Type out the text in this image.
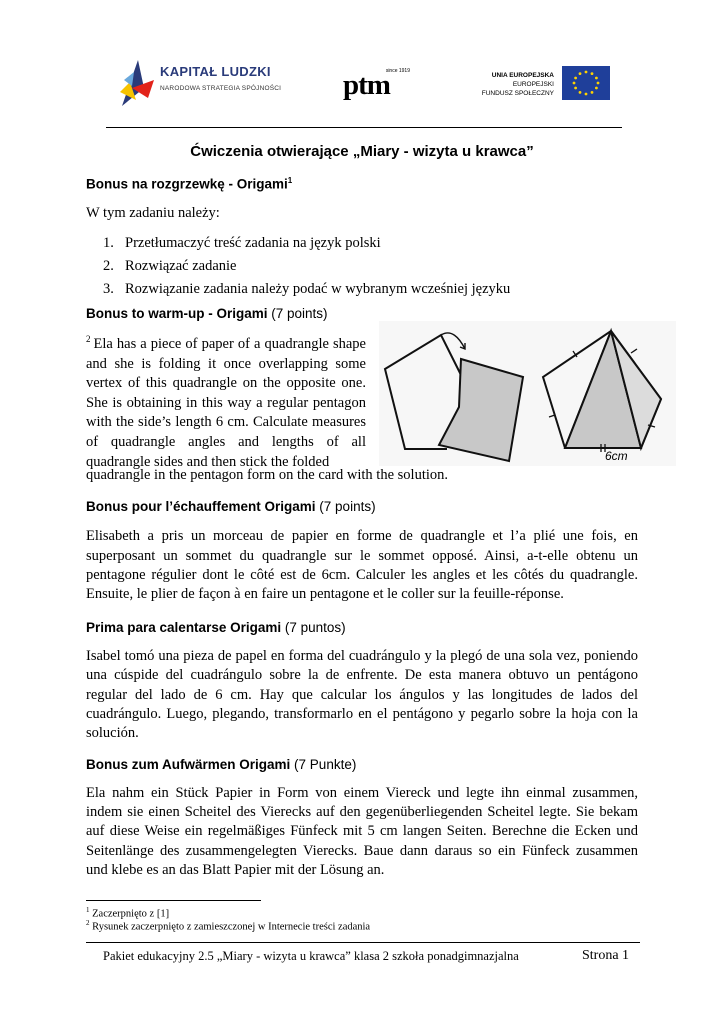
KAPITAŁ LUDZKI
NARODOWA STRATEGIA SPÓJNOŚCI ptm
since 1919
UNIA EUROPEJSKA
EUROPEJSKI
FUNDUSZ SPOŁECZNY
Ćwiczenia otwierające „Miary - wizyta u krawca”
Bonus na rozgrzewkę - Origami$^1$
W tym zadaniu należy:
1. Przetłumaczyć treść zadania na język polski
2. Rozwiązać zadanie
3. Rozwiązanie zadania należy podać w wybranym wcześniej języku
Bonus to warm-up - Origami (7 points)
$^2$ Ela has a piece of paper of a quadrangle shape and she is folding it once overlapping some vertex of this quadrangle on the opposite one. She is obtaining in this way a regular pentagon with the side’s length 6 cm. Calculate measures of quadrangle angles and lengths of all quadrangle sides and then stick the folded
quadrangle in the pentagon form on the card with the solution.
6cm
Bonus pour l’échauffement Origami (7 points)
Elisabeth a pris un morceau de papier en forme de quadrangle et l’a plié une fois, en
superposant un sommet du quadrangle sur le sommet opposé. Ainsi, a-t-elle obtenu un
pentagone régulier dont le côté est de 6cm. Calculer les angles et les côtés du quadrangle.
Ensuite, le plier de façon à en faire un pentagone et le coller sur la feuille-réponse.
Prima para calentarse Origami (7 puntos)
Isabel tomó una pieza de papel en forma del cuadrángulo y la plegó de una sola vez, poniendo
una cúspide del cuadrángulo sobre la de enfrente. De esta manera obtuvo un pentágono
regular del lado de 6 cm. Hay que calcular los ángulos y las longitudes de lados del
cuadrángulo. Luego, plegando, transformarlo en el pentágono y pegarlo sobre la hoja con la
solución.
Bonus zum Aufwärmen Origami (7 Punkte)
Ela nahm ein Stück Papier in Form von einem Viereck und legte ihn einmal zusammen,
indem sie einen Scheitel des Vierecks auf den gegenüberliegenden Scheitel legte. Sie bekam
auf diese Weise ein regelmäßiges Fünfeck mit 5 cm langen Seiten. Berechne die Ecken und
Seitenlänge des zusammengelegten Vierecks. Baue dann daraus so ein Fünfeck zusammen
und klebe es an das Blatt Papier mit der Lösung an.
$^1$ Zaczerpnięto z [1]
$^2$ Rysunek zaczerpnięto z zamieszczonej w Internecie treści zadania
Pakiet edukacyjny 2.5 „Miary - wizyta u krawca” klasa 2 szkoła ponadgimnazjalna	Strona 1
